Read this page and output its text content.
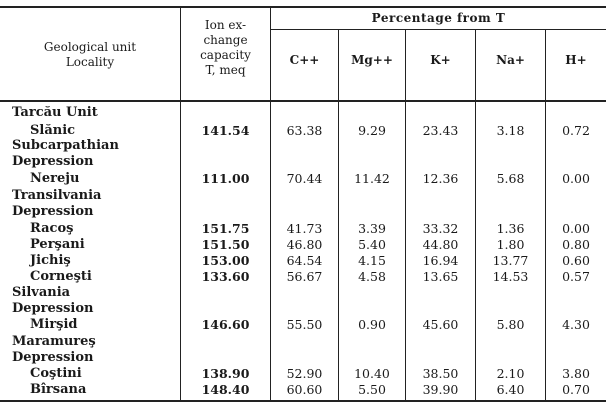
Geological unit
Locality
Ion ex-
change
capacity
T, meq
Percentage from T
C++	Mg++	K+	Na+	H+
Tarcău Unit
Slănic	141.54	63.38	9.29	23.43	3.18	0.72
Subcarpathian
Depression
Nereju	111.00	70.44	11.42	12.36	5.68	0.00
Transilvania
Depression
Racoş	151.75	41.73	3.39	33.32	1.36	0.00
Perşani	151.50	46.80	5.40	44.80	1.80	0.80
Jichiş	153.00	64.54	4.15	16.94	13.77	0.60
Corneşti	133.60	56.67	4.58	13.65	14.53	0.57
Silvania
Depression
Mirşid	146.60	55.50	0.90	45.60	5.80	4.30
Maramureş
Depression
Coştini	138.90	52.90	10.40	38.50	2.10	3.80
Bîrsana	148.40	60.60	5.50	39.90	6.40	0.70
